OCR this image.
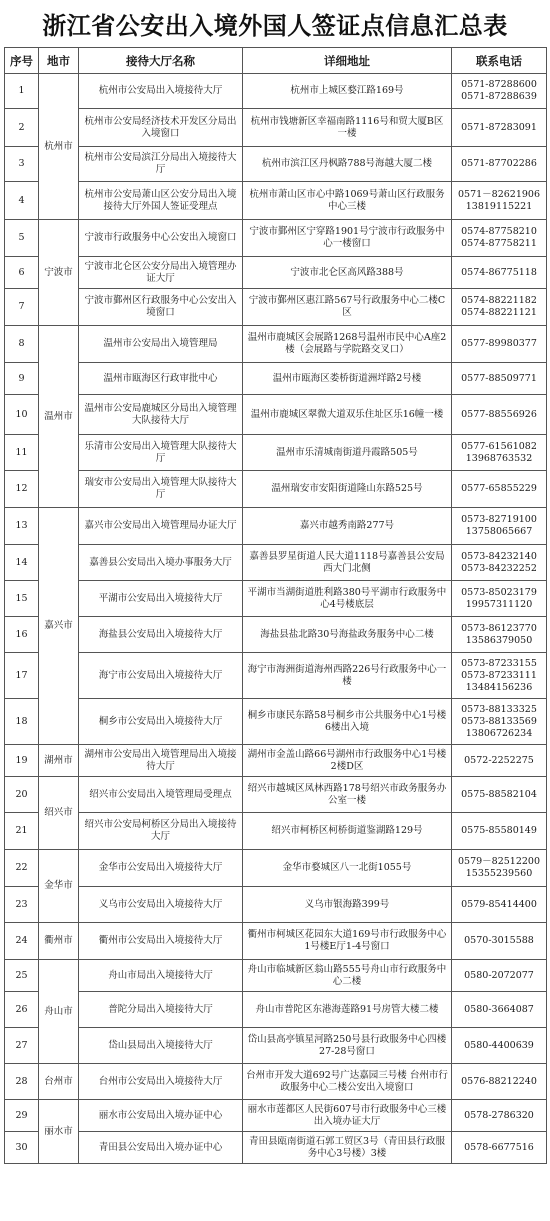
浙江省公安出入境外国人签证点信息汇总表
序号	地市	接待大厅名称	详细地址	联系电话
1	杭州市	杭州市公安局出入境接待大厅	杭州市上城区婺江路169号	0571-87288600
0571-87288639

2		杭州市公安局经济技术开发区分局出入境窗口	杭州市钱塘新区幸福南路1116号和贸大厦B区一楼	0571-87283091

3		杭州市公安局滨江分局出入境接待大厅	杭州市滨江区丹枫路788号海越大厦二楼	0571-87702286

4		杭州市公安局萧山区公安分局出入境接待大厅外国人签证受理点	杭州市萧山区市心中路1069号萧山区行政服务中心三楼	0571－82621906
13819115221

5	宁波市	宁波市行政服务中心公安出入境窗口	宁波市鄞州区宁穿路1901号宁波市行政服务中心一楼窗口	0574-87758210
0574-87758211

6		宁波市北仑区公安分局出入境管理办证大厅	宁波市北仑区高风路388号	0574-86775118

7		宁波市鄞州区行政服务中心公安出入境窗口	宁波市鄞州区惠江路567号行政服务中心二楼C区	0574-88221182
0574-88221121

8	温州市	温州市公安局出入境管理局	温州市鹿城区会展路1268号温州市民中心A座2楼（会展路与学院路交叉口）	0577-89980377

9		温州市瓯海区行政审批中心	温州市瓯海区娄桥街道洲垟路2号楼	0577-88509771

10		温州市公安局鹿城区分局出入境管理大队接待大厅	温州市鹿城区翠微大道双乐住址区乐16幢一楼	0577-88556926

11		乐清市公安局出入境管理大队接待大厅	温州市乐清城南街道丹霞路505号	0577-61561082
13968763532

12		瑞安市公安局出入境管理大队接待大厅	温州瑞安市安阳街道隆山东路525号	0577-65855229

13	嘉兴市	嘉兴市公安局出入境管理局办证大厅	嘉兴市越秀南路277号	0573-82719100
13758065667

14		嘉善县公安局出入境办事服务大厅	嘉善县罗星街道人民大道1118号嘉善县公安局西大门北侧	0573-84232140
0573-84232252

15		平湖市公安局出入境接待大厅	平湖市当湖街道胜利路380号平湖市行政服务中心4号楼底层	0573-85023179
19957311120

16		海盐县公安局出入境接待大厅	海盐县盐北路30号海盐政务服务中心二楼	0573-86123770
13586379050

17		海宁市公安局出入境接待大厅	海宁市海洲街道海州西路226号行政服务中心一楼	0573-87233155
0573-87233111
13484156236

18		桐乡市公安局出入境接待大厅	桐乡市康民东路58号桐乡市公共服务中心1号楼6楼出入境	0573-88133325
0573-88133569
13806726234

19	湖州市	湖州市公安局出入境管理局出入境接待大厅	湖州市金盖山路66号湖州市行政服务中心1号楼2楼D区	0572-2252275

20	绍兴市	绍兴市公安局出入境管理局受理点	绍兴市越城区凤林西路178号绍兴市政务服务办公室一楼	0575-88582104

21		绍兴市公安局柯桥区分局出入境接待大厅	绍兴市柯桥区柯桥街道鉴湖路129号	0575-85580149

22	金华市	金华市公安局出入境接待大厅	金华市婺城区八一北街1055号	0579－82512200
15355239560

23		义乌市公安局出入境接待大厅	义乌市银海路399号	0579-85414400

24	衢州市	衢州市公安局出入境接待大厅	衢州市柯城区花园东大道169号市行政服务中心1号楼E厅1-4号窗口	0570-3015588

25	舟山市	舟山市局出入境接待大厅	舟山市临城新区翁山路555号舟山市行政服务中心二楼	0580-2072077

26		普陀分局出入境接待大厅	舟山市普陀区东港海莲路91号房管大楼二楼	0580-3664087

27		岱山县局出入境接待大厅	岱山县高亭镇星河路250号县行政服务中心四楼27-28号窗口	0580-4400639

28	台州市	台州市公安局出入境接待大厅	台州市开发大道692号广达嘉园三号楼 台州市行政服务中心二楼公安出入境窗口	0576-88212240

29	丽水市	丽水市公安局出入境办证中心	丽水市莲都区人民街607号市行政服务中心三楼出入境办证大厅	0578-2786320

30		青田县公安局出入境办证中心	青田县瓯南街道石郭工贸区3号（青田县行政服务中心3号楼）3楼	0578-6677516
